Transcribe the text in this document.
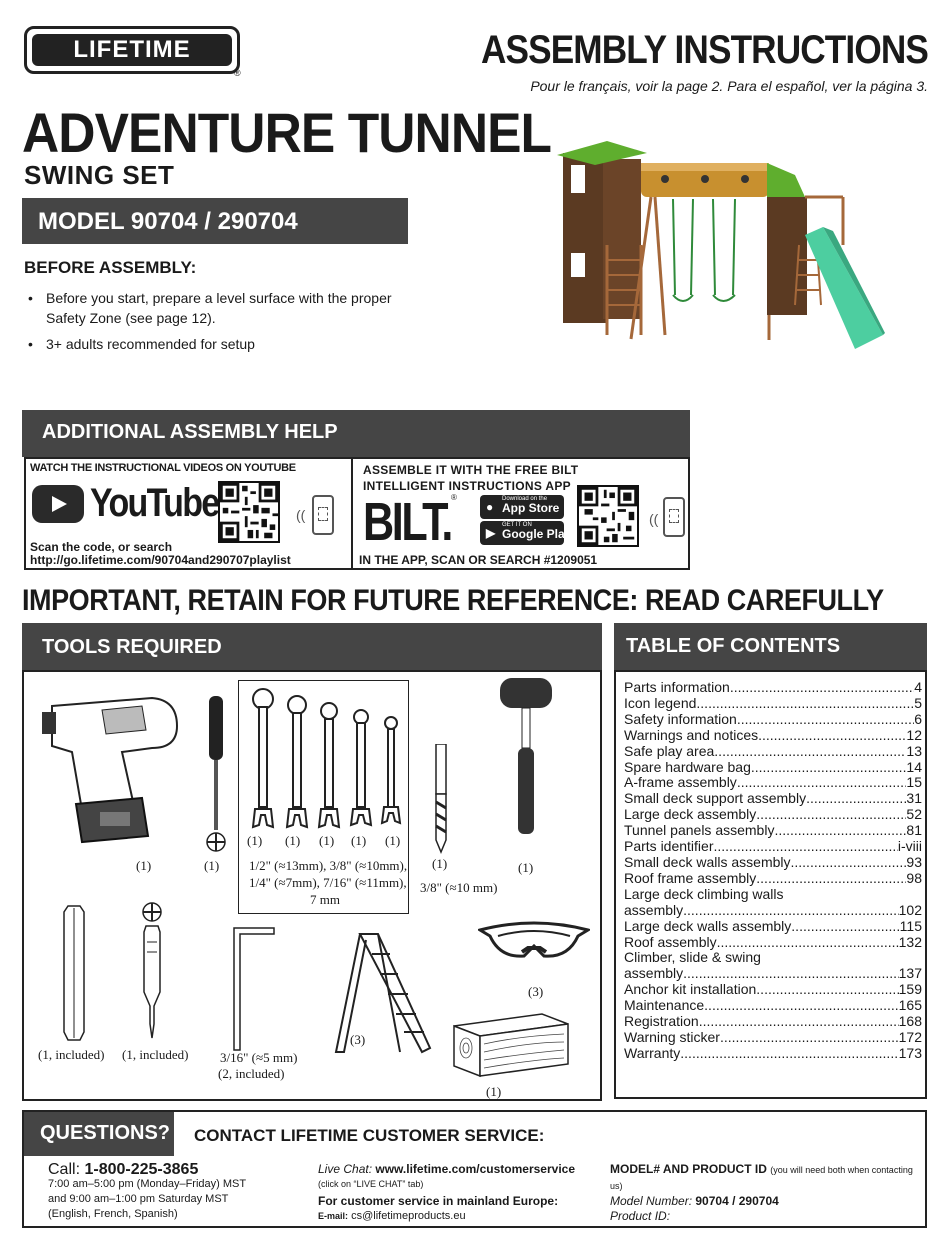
LIFETIME
®
ASSEMBLY INSTRUCTIONS
Pour le français, voir la page 2. Para el español, ver la página 3.
ADVENTURE TUNNEL
SWING SET
MODEL 90704 / 290704
BEFORE ASSEMBLY:
• Before you start, prepare a level surface with the proper Safety Zone (see page 12).
• 3+ adults recommended for setup
ADDITIONAL ASSEMBLY HELP
WATCH THE INSTRUCTIONAL VIDEOS ON YOUTUBE
YouTube	((
Scan the code, or search
http://go.lifetime.com/90704and290707playlist
ASSEMBLE IT WITH THE FREE BILT INTELLIGENT INSTRUCTIONS APP
BILT. ®
●
Download on the
App Store
▶
GET IT ON
Google Play
((
IN THE APP, SCAN OR SEARCH #1209051
IMPORTANT, RETAIN FOR FUTURE REFERENCE: READ CAREFULLY
TOOLS REQUIRED
(1)	(1)
(1) (1) (1) (1) (1)
1/2" (≈13mm), 3/8" (≈10mm),
1/4" (≈7mm), 7/16" (≈11mm),
7 mm
(1)
3/8" (≈10 mm)
(1)
(1, included) (1, included) 3/16" (≈5 mm)
(2, included)
(3)
(3)
(1)
TABLE OF CONTENTS
Parts information .....	4
Icon legend .....	5
Safety information .....	6
Warnings and notices .....	12
Safe play area .....	13
Spare hardware bag .....	14
A-frame assembly .....	15
Small deck support assembly .....	31
Large deck assembly .....	52
Tunnel panels assembly .....	81
Parts identifier .....	i-viii
Small deck walls assembly .....	93
Roof frame assembly .....	98
Large deck climbing walls
assembly .....	102
Large deck walls assembly .....	115
Roof assembly .....	132
Climber, slide & swing
assembly .....	137
Anchor kit installation .....	159
Maintenance .....	165
Registration .....	168
Warning sticker .....	172
Warranty .....	173
QUESTIONS? CONTACT LIFETIME CUSTOMER SERVICE:
Call: 1-800-225-3865
7:00 am–5:00 pm (Monday–Friday) MST
and 9:00 am–1:00 pm Saturday MST
(English, French, Spanish)
Live Chat: www.lifetime.com/customerservice
(click on “LIVE CHAT” tab)
For customer service in mainland Europe:
E-mail: cs@lifetimeproducts.eu
MODEL# AND PRODUCT ID (you will need both when contacting us)
Model Number: 90704 / 290704
Product ID:
